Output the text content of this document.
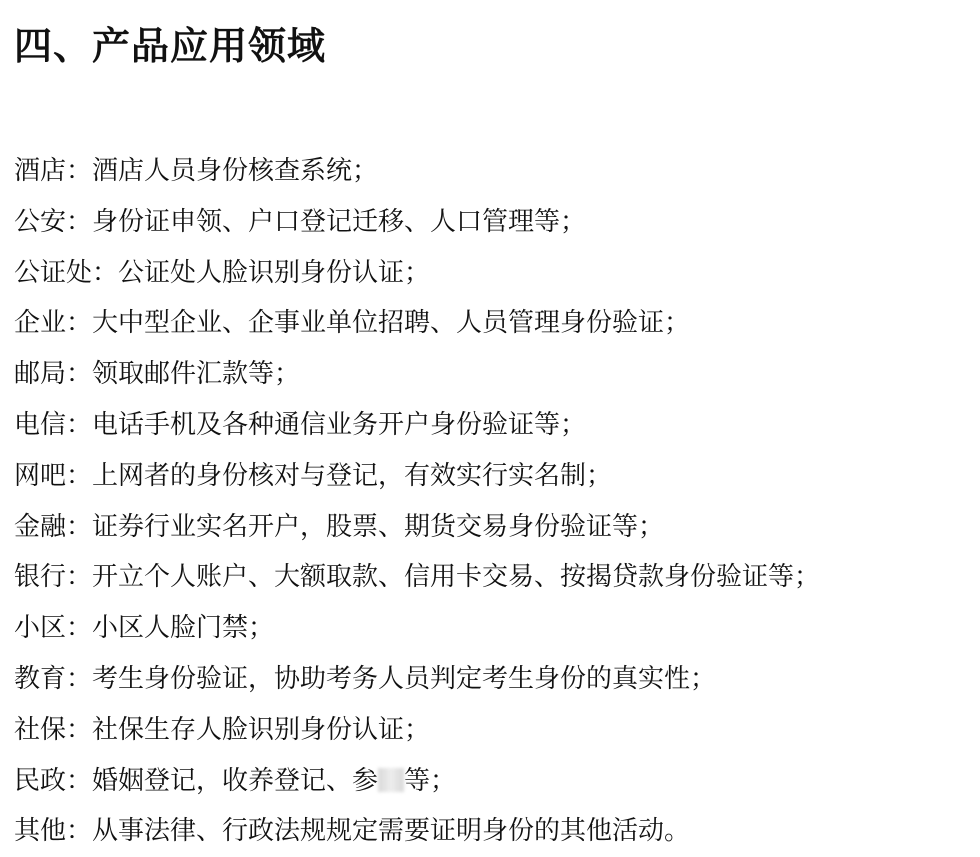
四、产品应用领域
酒店：酒店人员身份核查系统；
公安：身份证申领、户口登记迁移、人口管理等；
公证处：公证处人脸识别身份认证；
企业：大中型企业、企事业单位招聘、人员管理身份验证；
邮局：领取邮件汇款等；
电信：电话手机及各种通信业务开户身份验证等；
网吧：上网者的身份核对与登记，有效实行实名制；
金融：证券行业实名开户，股票、期货交易身份验证等；
银行：开立个人账户、大额取款、信用卡交易、按揭贷款身份验证等；
小区：小区人脸门禁；
教育：考生身份验证，协助考务人员判定考生身份的真实性；
社保：社保生存人脸识别身份认证；
民政：婚姻登记，收养登记、参 等；
其他：从事法律、行政法规规定需要证明身份的其他活动。
